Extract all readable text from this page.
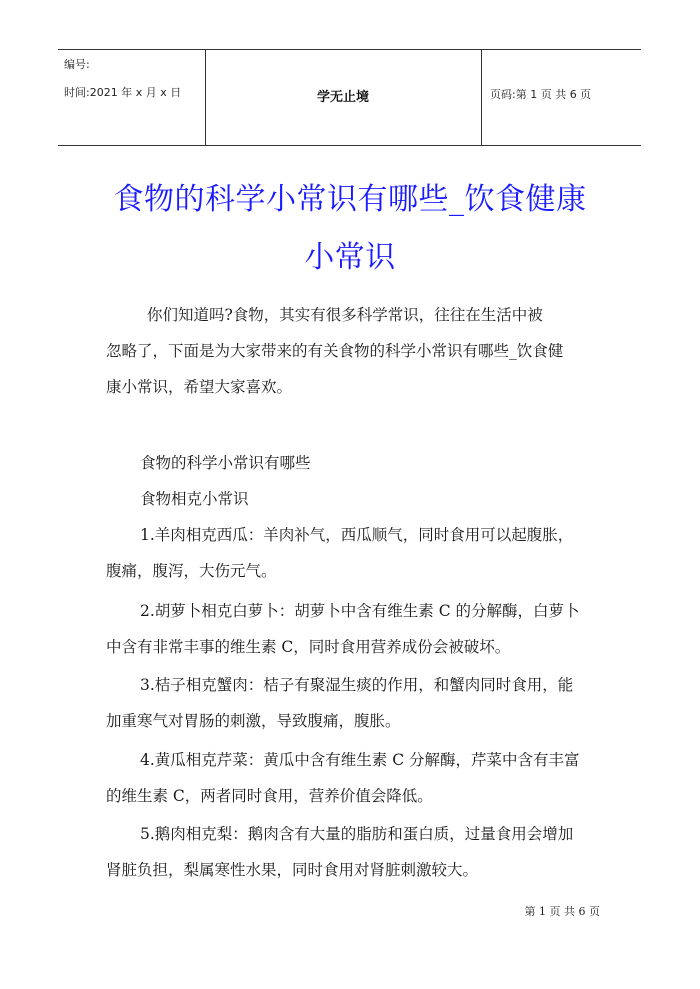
编号:
时间:2021 年 x 月 x 日	学无止境	页码:第 1 页 共 6 页
食物的科学小常识有哪些_饮食健康
小常识
你们知道吗?食物，其实有很多科学常识，往往在生活中被
忽略了，下面是为大家带来的有关食物的科学小常识有哪些_饮食健
康小常识，希望大家喜欢。
食物的科学小常识有哪些
食物相克小常识
1.羊肉相克西瓜：羊肉补气，西瓜顺气，同时食用可以起腹胀，
腹痛，腹泻，大伤元气。
2.胡萝卜相克白萝卜：胡萝卜中含有维生素 C 的分解酶，白萝卜
中含有非常丰事的维生素 C，同时食用营养成份会被破坏。
3.桔子相克蟹肉：桔子有聚湿生痰的作用，和蟹肉同时食用，能
加重寒气对胃肠的刺激，导致腹痛，腹胀。
4.黄瓜相克芹菜：黄瓜中含有维生素 C 分解酶，芹菜中含有丰富
的维生素 C，两者同时食用，营养价值会降低。
5.鹅肉相克梨：鹅肉含有大量的脂肪和蛋白质，过量食用会增加
肾脏负担，梨属寒性水果，同时食用对肾脏刺激较大。
第 1 页 共 6 页
